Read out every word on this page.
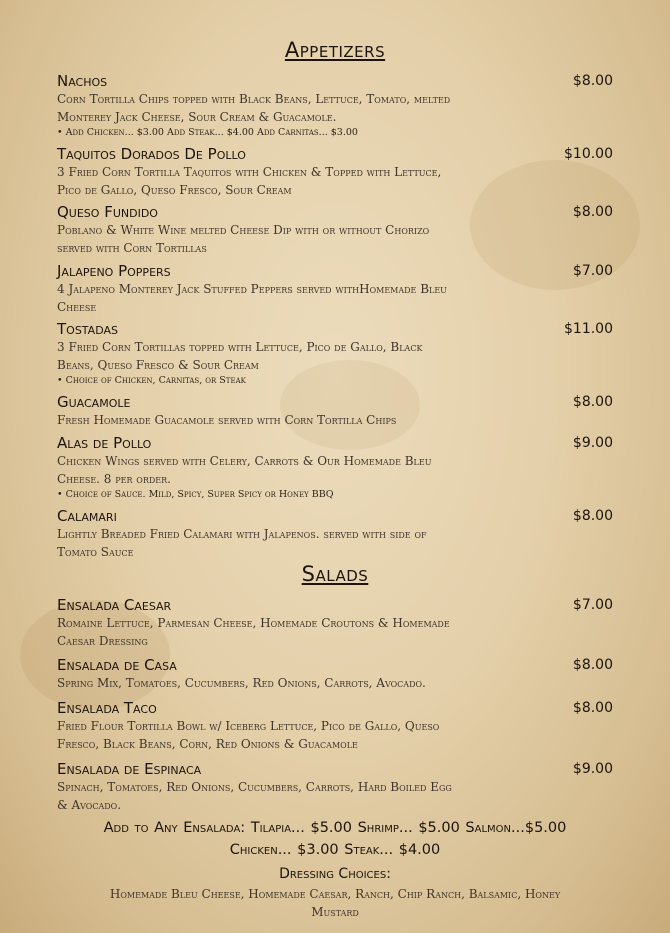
Appetizers
Nachos	$8.00
Corn Tortilla Chips topped with Black Beans, Lettuce, Tomato, melted
Monterey Jack Cheese, Sour Cream & Guacamole.
• Add Chicken... $3.00 Add Steak... $4.00 Add Carnitas... $3.00
Taquitos Dorados De Pollo	$10.00
3 Fried Corn Tortilla Taquitos with Chicken & Topped with Lettuce,
Pico de Gallo, Queso Fresco, Sour Cream
Queso Fundido	$8.00
Poblano & White Wine melted Cheese Dip with or without Chorizo
served with Corn Tortillas
Jalapeno Poppers	$7.00
4 Jalapeno Monterey Jack Stuffed Peppers served withHomemade Bleu
Cheese
Tostadas	$11.00
3 Fried Corn Tortillas topped with Lettuce, Pico de Gallo, Black
Beans, Queso Fresco & Sour Cream
• Choice of Chicken, Carnitas, or Steak
Guacamole	$8.00
Fresh Homemade Guacamole served with Corn Tortilla Chips
Alas de Pollo	$9.00
Chicken Wings served with Celery, Carrots & Our Homemade Bleu
Cheese. 8 per order.
• Choice of Sauce. Mild, Spicy, Super Spicy or Honey BBQ
Calamari	$8.00
Lightly Breaded Fried Calamari with Jalapenos. served with side of
Tomato Sauce
Salads
Ensalada Caesar	$7.00
Romaine Lettuce, Parmesan Cheese, Homemade Croutons & Homemade
Caesar Dressing
Ensalada de Casa	$8.00
Spring Mix, Tomatoes, Cucumbers, Red Onions, Carrots, Avocado.
Ensalada Taco	$8.00
Fried Flour Tortilla Bowl w/ Iceberg Lettuce, Pico de Gallo, Queso
Fresco, Black Beans, Corn, Red Onions & Guacamole
Ensalada de Espinaca	$9.00
Spinach, Tomatoes, Red Onions, Cucumbers, Carrots, Hard Boiled Egg
& Avocado.
Add to Any Ensalada: Tilapia... $5.00 Shrimp... $5.00 Salmon...$5.00
Chicken... $3.00 Steak... $4.00
Dressing Choices:
Homemade Bleu Cheese, Homemade Caesar, Ranch, Chip Ranch, Balsamic, Honey
Mustard
